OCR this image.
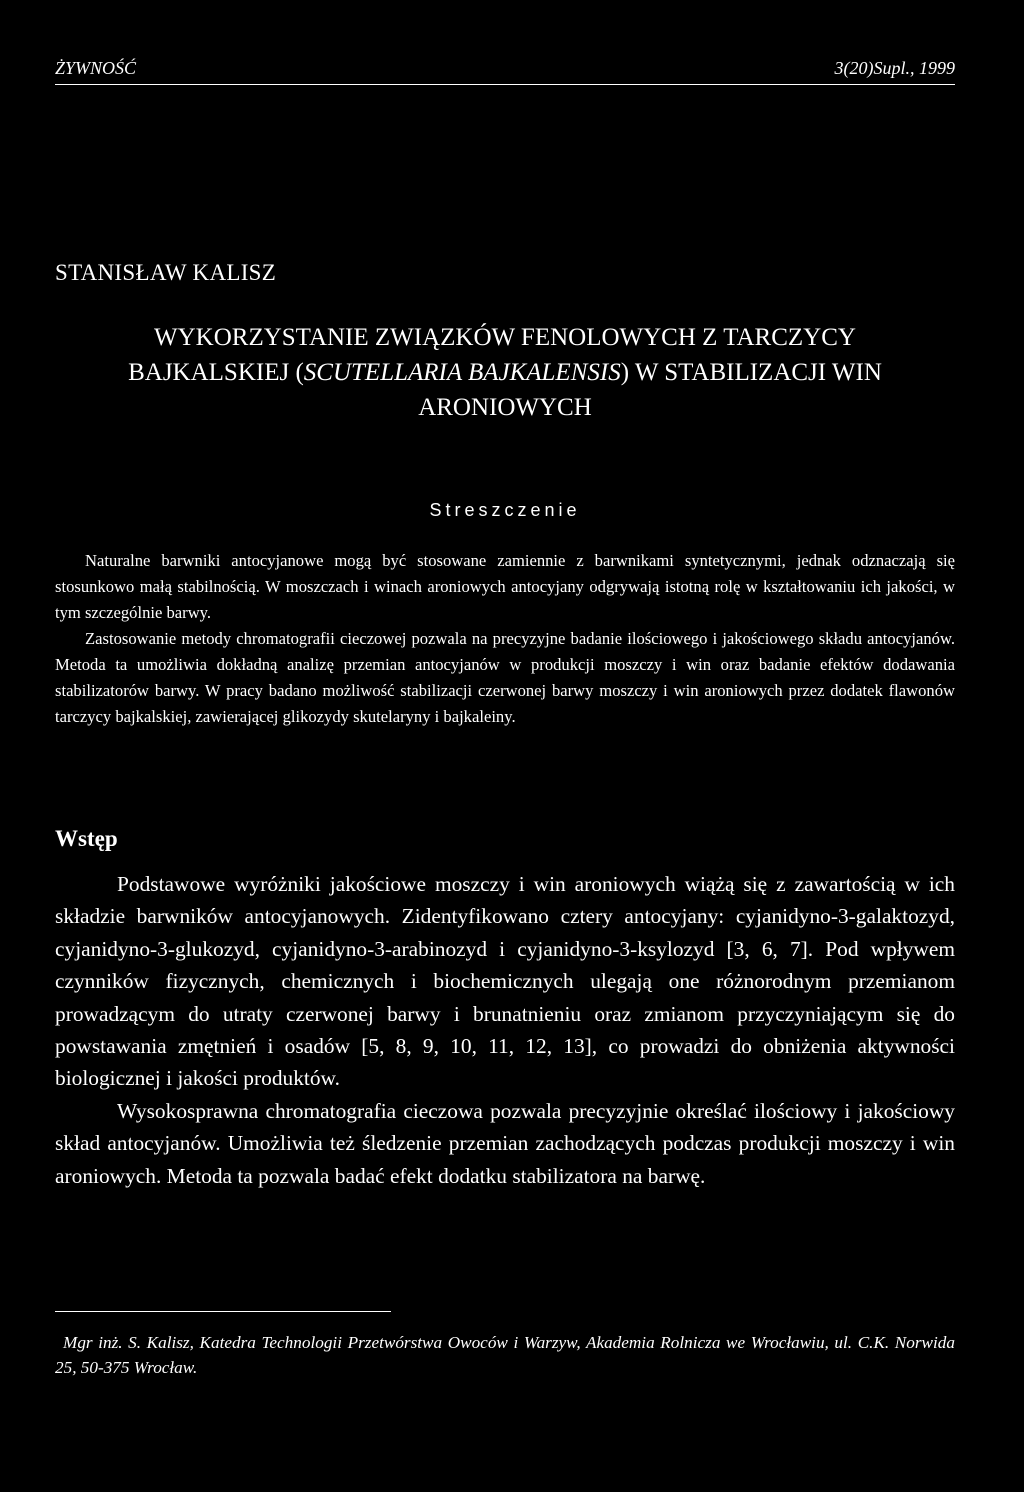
ŻYWNOŚĆ	3(20)Supl., 1999
STANISŁAW KALISZ
WYKORZYSTANIE ZWIĄZKÓW FENOLOWYCH Z TARCZYCY BAJKALSKIEJ (SCUTELLARIA BAJKALENSIS) W STABILIZACJI WIN ARONIOWYCH
Streszczenie

Naturalne barwniki antocyjanowe mogą być stosowane zamiennie z barwnikami syntetycznymi, jednak odznaczają się stosunkowo małą stabilnością. W moszczach i winach aroniowych antocyjany odgrywają istotną rolę w kształtowaniu ich jakości, w tym szczególnie barwy.

Zastosowanie metody chromatografii cieczowej pozwala na precyzyjne badanie ilościowego i jakościowego składu antocyjanów. Metoda ta umożliwia dokładną analizę przemian antocyjanów w produkcji moszczy i win oraz badanie efektów dodawania stabilizatorów barwy. W pracy badano możliwość stabilizacji czerwonej barwy moszczy i win aroniowych przez dodatek flawonów tarczycy bajkalskiej, zawierającej glikozydy skutelaryny i bajkaleiny.

Wstęp

Podstawowe wyróżniki jakościowe moszczy i win aroniowych wiążą się z zawartością w ich składzie barwników antocyjanowych. Zidentyfikowano cztery antocyjany: cyjanidyno-3-galaktozyd, cyjanidyno-3-glukozyd, cyjanidyno-3-arabinozyd i cyjanidyno-3-ksylozyd [3, 6, 7]. Pod wpływem czynników fizycznych, chemicznych i biochemicznych ulegają one różnorodnym przemianom prowadzącym do utraty czerwonej barwy i brunatnieniu oraz zmianom przyczyniającym się do powstawania zmętnień i osadów [5, 8, 9, 10, 11, 12, 13], co prowadzi do obniżenia aktywności biologicznej i jakości produktów.

Wysokosprawna chromatografia cieczowa pozwala precyzyjnie określać ilościowy i jakościowy skład antocyjanów. Umożliwia też śledzenie przemian zachodzących podczas produkcji moszczy i win aroniowych. Metoda ta pozwala badać efekt dodatku stabilizatora na barwę.

Mgr inż. S. Kalisz, Katedra Technologii Przetwórstwa Owoców i Warzyw, Akademia Rolnicza we Wrocławiu, ul. C.K. Norwida 25, 50-375 Wrocław.
